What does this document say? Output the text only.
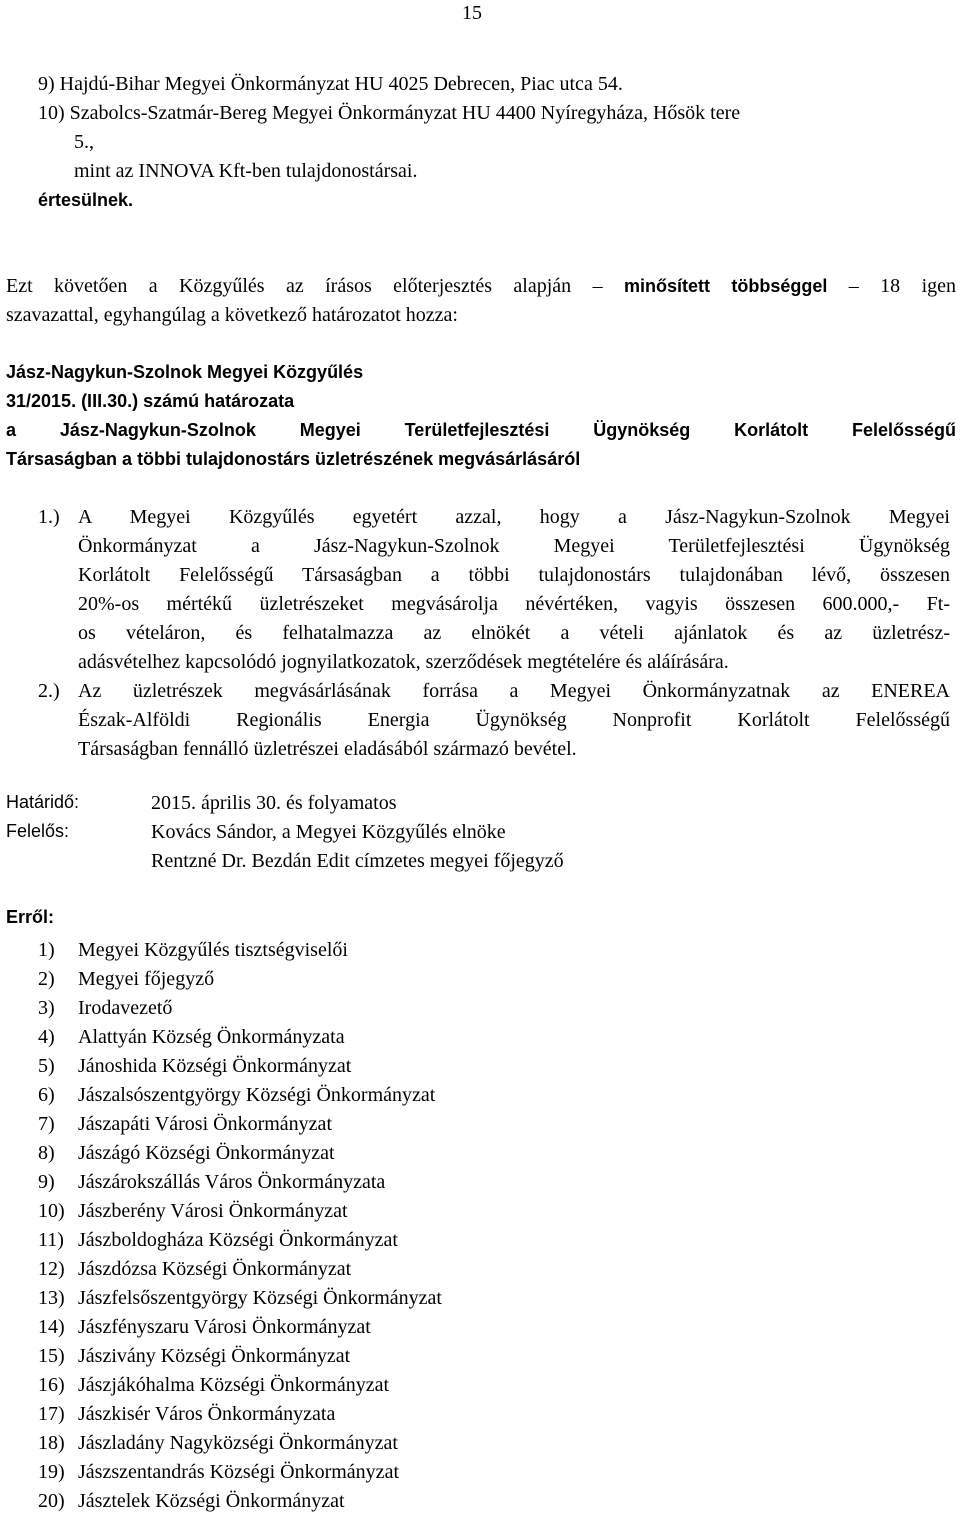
15
9) Hajdú-Bihar Megyei Önkormányzat HU 4025 Debrecen, Piac utca 54.
10) Szabolcs-Szatmár-Bereg Megyei Önkormányzat HU 4400 Nyíregyháza, Hősök tere
5.,
mint az INNOVA Kft-ben tulajdonostársai.
értesülnek.

Ezt követően a Közgyűlés az írásos előterjesztés alapján – minősített többséggel – 18 igen

szavazattal, egyhangúlag a következő határozatot hozza:

Jász-Nagykun-Szolnok Megyei Közgyűlés
31/2015. (III.30.) számú határozata
a Jász-Nagykun-Szolnok Megyei Területfejlesztési Ügynökség Korlátolt Felelősségű
Társaságban a többi tulajdonostárs üzletrészének megvásárlásáról
1.) A Megyei Közgyűlés egyetért azzal, hogy a Jász-Nagykun-Szolnok Megyei
Önkormányzat a Jász-Nagykun-Szolnok Megyei Területfejlesztési Ügynökség
Korlátolt Felelősségű Társaságban a többi tulajdonostárs tulajdonában lévő, összesen
20%-os mértékű üzletrészeket megvásárolja névértéken, vagyis összesen 600.000,- Ft-
os vételáron, és felhatalmazza az elnökét a vételi ajánlatok és az üzletrész-
adásvételhez kapcsolódó jognyilatkozatok, szerződések megtételére és aláírására.
2.) Az üzletrészek megvásárlásának forrása a Megyei Önkormányzatnak az ENEREA
Észak-Alföldi Regionális Energia Ügynökség Nonprofit Korlátolt Felelősségű
Társaságban fennálló üzletrészei eladásából származó bevétel.
Határidő:	2015. április 30. és folyamatos
Felelős:	Kovács Sándor, a Megyei Közgyűlés elnöke
Rentzné Dr. Bezdán Edit címzetes megyei főjegyző
Erről:
1)	Megyei Közgyűlés tisztségviselői
2)	Megyei főjegyző
3)	Irodavezető
4)	Alattyán Község Önkormányzata
5)	Jánoshida Községi Önkormányzat
6)	Jászalsószentgyörgy Községi Önkormányzat
7)	Jászapáti Városi Önkormányzat
8)	Jászágó Községi Önkormányzat
9)	Jászárokszállás Város Önkormányzata
10) Jászberény Városi Önkormányzat
11) Jászboldogháza Községi Önkormányzat
12) Jászdózsa Községi Önkormányzat
13) Jászfelsőszentgyörgy Községi Önkormányzat
14) Jászfényszaru Városi Önkormányzat
15) Jászivány Községi Önkormányzat
16) Jászjákóhalma Községi Önkormányzat
17) Jászkisér Város Önkormányzata
18) Jászladány Nagyközségi Önkormányzat
19) Jászszentandrás Községi Önkormányzat
20) Jásztelek Községi Önkormányzat
